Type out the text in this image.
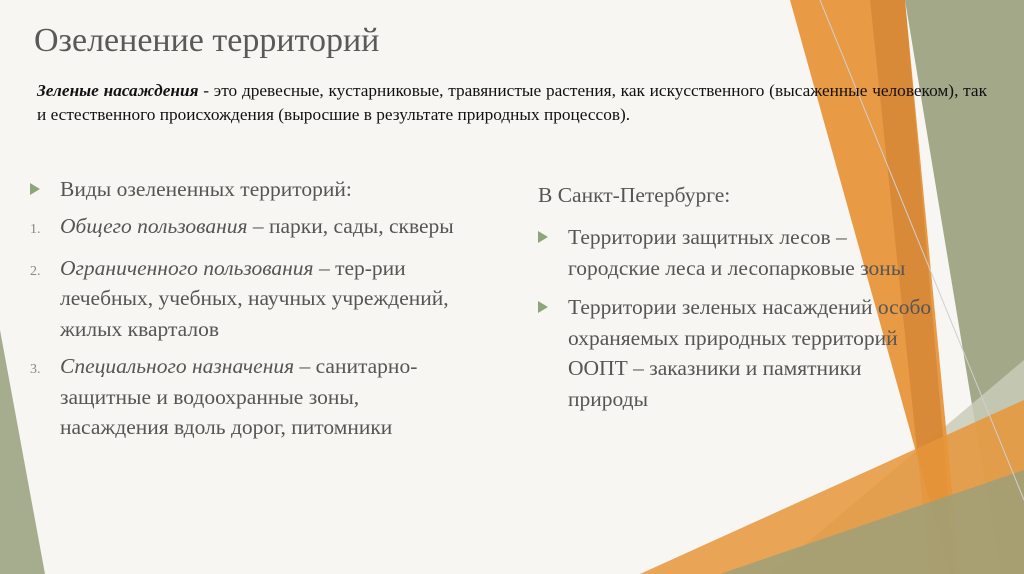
Озеленение территорий
Зеленые насаждения - это древесные, кустарниковые, травянистые растения, как искусственного (высаженные человеком), так и естественного происхождения (выросшие в результате природных процессов).
Виды озелененных территорий:
1. Общего пользования – парки, сады, скверы
2. Ограниченного пользования – тер-рии лечебных, учебных, научных учреждений, жилых кварталов
3. Специального назначения – санитарно-защитные и водоохранные зоны, насаждения вдоль дорог, питомники
В Санкт-Петербурге:
Территории защитных лесов – городские леса и лесопарковые зоны
Территории зеленых насаждений особо охраняемых природных территорий ООПТ – заказники и памятники природы
